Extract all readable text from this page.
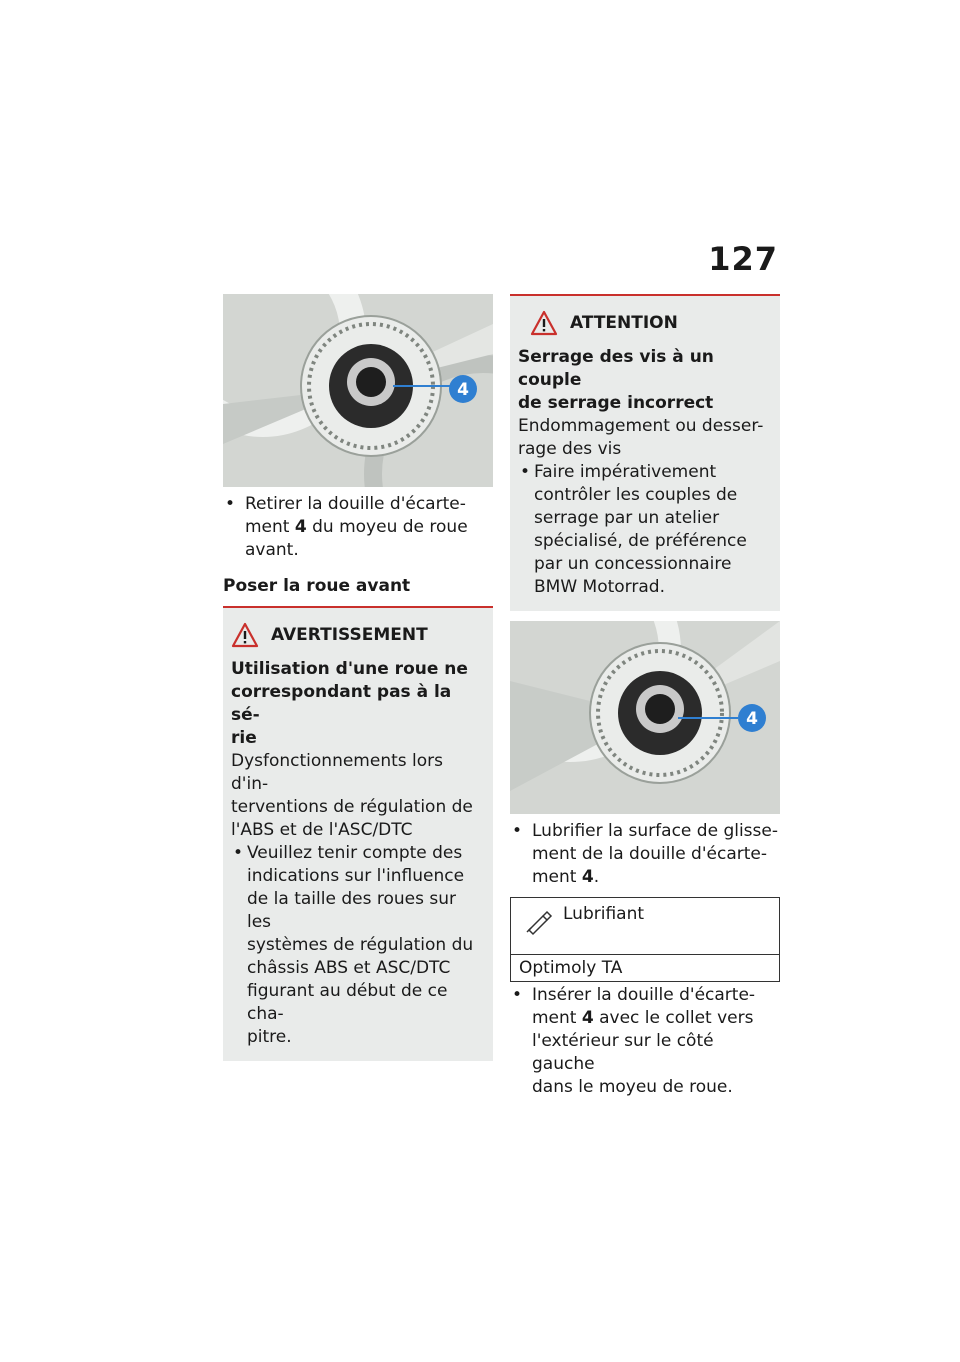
127
4

• Retirer la douille d'écarte-
ment 4 du moyeu de roue
avant.

Poser la roue avant
AVERTISSEMENT
Utilisation d'une roue ne
correspondant pas à la sé-
rie
Dysfonctionnements lors d'in-
terventions de régulation de
l'ABS et de l'ASC/DTC
• Veuillez tenir compte des
indications sur l'influence
de la taille des roues sur les
systèmes de régulation du
châssis ABS et ASC/DTC
figurant au début de ce cha-
pitre.
ATTENTION
Serrage des vis à un couple
de serrage incorrect
Endommagement ou desser-
rage des vis
• Faire impérativement
contrôler les couples de
serrage par un atelier
spécialisé, de préférence
par un concessionnaire
BMW Motorrad.
4

• Lubrifier la surface de glisse-
ment de la douille d'écarte-
ment 4.

Lubrifiant
Optimoly TA

• Insérer la douille d'écarte-
ment 4 avec le collet vers
l'extérieur sur le côté gauche
dans le moyeu de roue.
